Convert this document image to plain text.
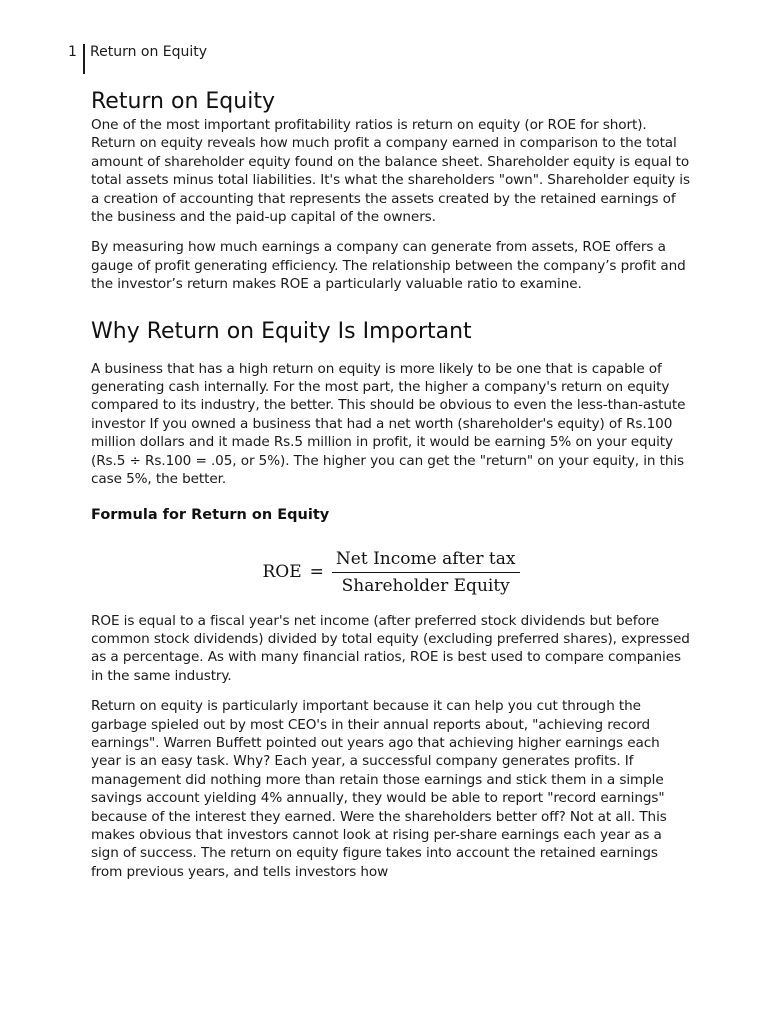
1 Return on Equity
Return on Equity

One of the most important profitability ratios is return on equity (or ROE for short). Return on equity reveals how much profit a company earned in comparison to the total amount of shareholder equity found on the balance sheet. Shareholder equity is equal to total assets minus total liabilities. It's what the shareholders "own". Shareholder equity is a creation of accounting that represents the assets created by the retained earnings of the business and the paid-up capital of the owners.

By measuring how much earnings a company can generate from assets, ROE offers a gauge of profit generating efficiency. The relationship between the company’s profit and the investor’s return makes ROE a particularly valuable ratio to examine.

Why Return on Equity Is Important

A business that has a high return on equity is more likely to be one that is capable of generating cash internally. For the most part, the higher a company's return on equity compared to its industry, the better. This should be obvious to even the less-than-astute investor If you owned a business that had a net worth (shareholder's equity) of Rs.100 million dollars and it made Rs.5 million in profit, it would be earning 5% on your equity (Rs.5 ÷ Rs.100 = .05, or 5%). The higher you can get the "return" on your equity, in this case 5%, the better.

Formula for Return on Equity
ROE = $\frac{\text{Net Income after tax}}{\text{Shareholder Equity}}$

ROE is equal to a fiscal year's net income (after preferred stock dividends but before common stock dividends) divided by total equity (excluding preferred shares), expressed as a percentage. As with many financial ratios, ROE is best used to compare companies in the same industry.

Return on equity is particularly important because it can help you cut through the garbage spieled out by most CEO's in their annual reports about, "achieving record earnings". Warren Buffett pointed out years ago that achieving higher earnings each year is an easy task. Why? Each year, a successful company generates profits. If management did nothing more than retain those earnings and stick them in a simple savings account yielding 4% annually, they would be able to report "record earnings" because of the interest they earned. Were the shareholders better off? Not at all. This makes obvious that investors cannot look at rising per-share earnings each year as a sign of success. The return on equity figure takes into account the retained earnings from previous years, and tells investors how
